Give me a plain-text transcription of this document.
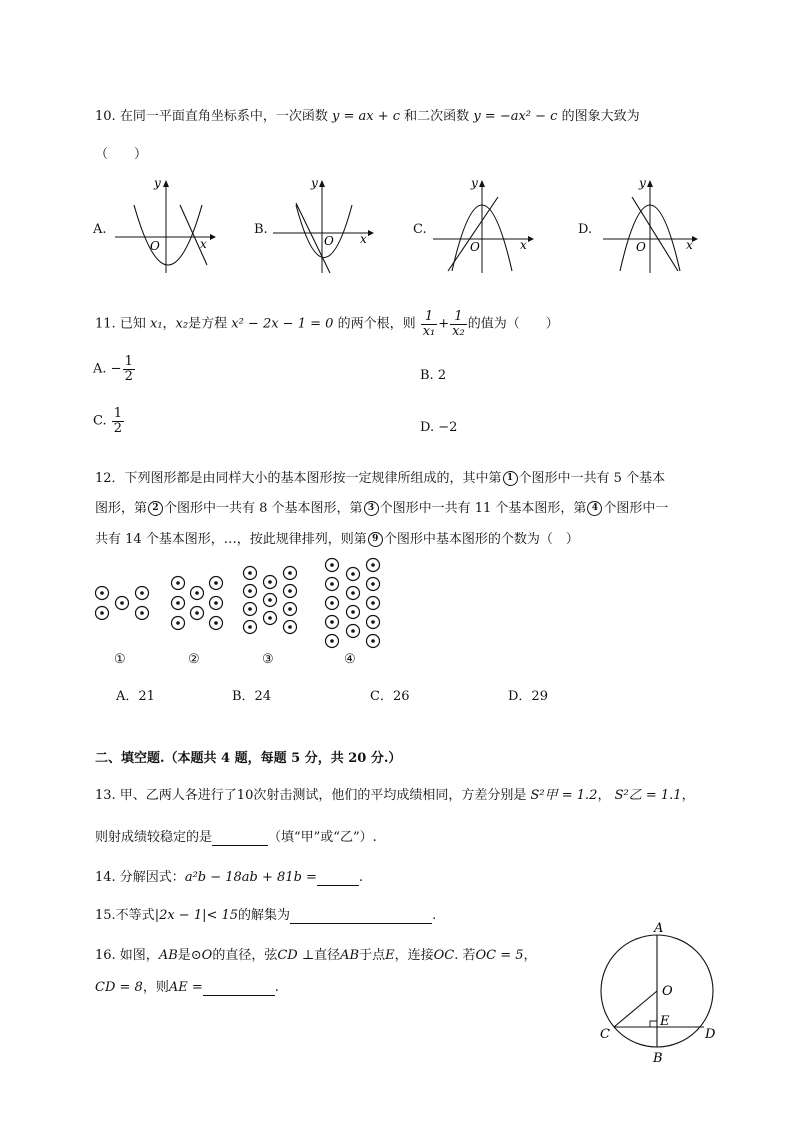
10. 在同一平面直角坐标系中，一次函数 y = ax + c 和二次函数 y = −ax² − c 的图象大致为
（　　）
A.	B.	C.	D.
O	x
y
O x
y
O	x
y
O	x
y
11. 已知 x₁，x₂是方程 x² − 2x − 1 = 0 的两个根，则 $\frac{1}{\text{x₁}} + \frac{1}{\text{x₂}}$ 的值为（　　）
A. − $\frac{1}{2}$	B. 2
C. $\frac{1}{2}$	D. −2
12．下列图形都是由同样大小的基本图形按一定规律所组成的，其中第 1 个图形中一共有 5 个基本
图形，第 2 个图形中一共有 8 个基本图形，第 3 个图形中一共有 11 个基本图形，第 4 个图形中一
共有 14 个基本图形，…，按此规律排列，则第 9 个图形中基本图形的个数为（　）
①	②	③	④
A．21	B．24	C．26	D．29
二、填空题.（本题共 4 题，每题 5 分，共 20 分.）
13. 甲、乙两人各进行了10次射击测试，他们的平均成绩相同，方差分别是 S²甲 = 1.2， S²乙 = 1.1，
则射成绩较稳定的是	（填“甲”或“乙”）.
14. 分解因式：a²b − 18ab + 81b =	.
15.不等式|2x − 1|< 15的解集为	.
16. 如图，AB是⊙O的直径，弦CD ⊥直径AB于点E，连接OC. 若OC = 5，
CD = 8，则AE =	.
A
O
E
C	D
B
